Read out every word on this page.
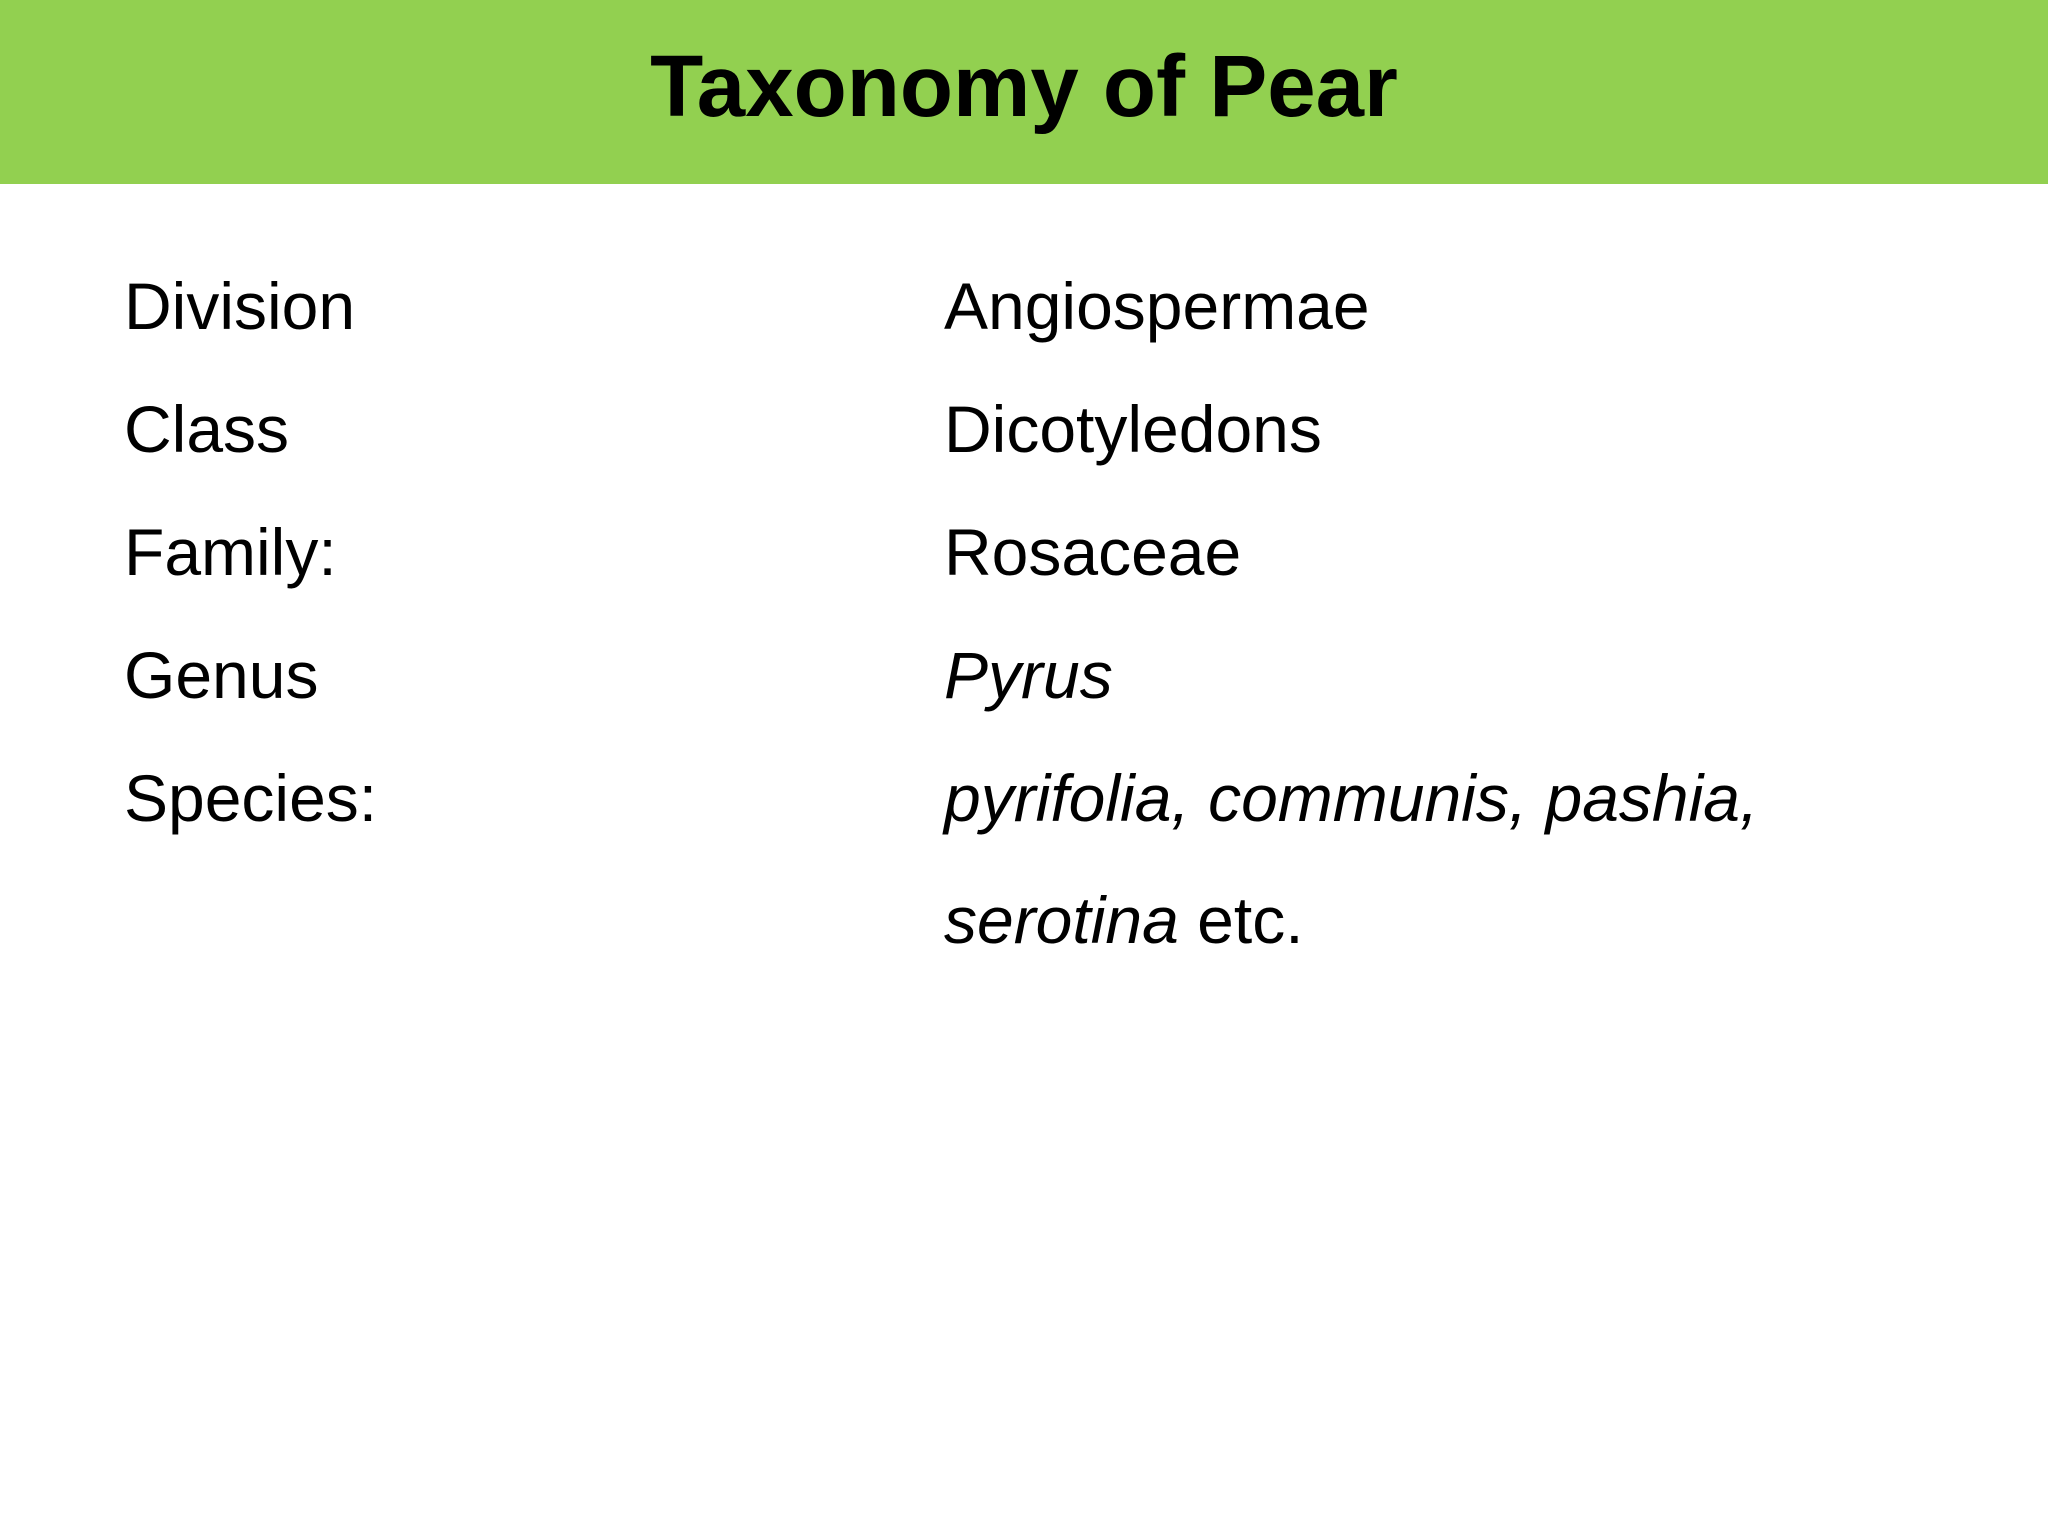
Taxonomy of Pear
Division	Angiospermae
Class	Dicotyledons
Family:	Rosaceae
Genus	Pyrus
Species:	pyrifolia, communis, pashia,
serotina etc.
